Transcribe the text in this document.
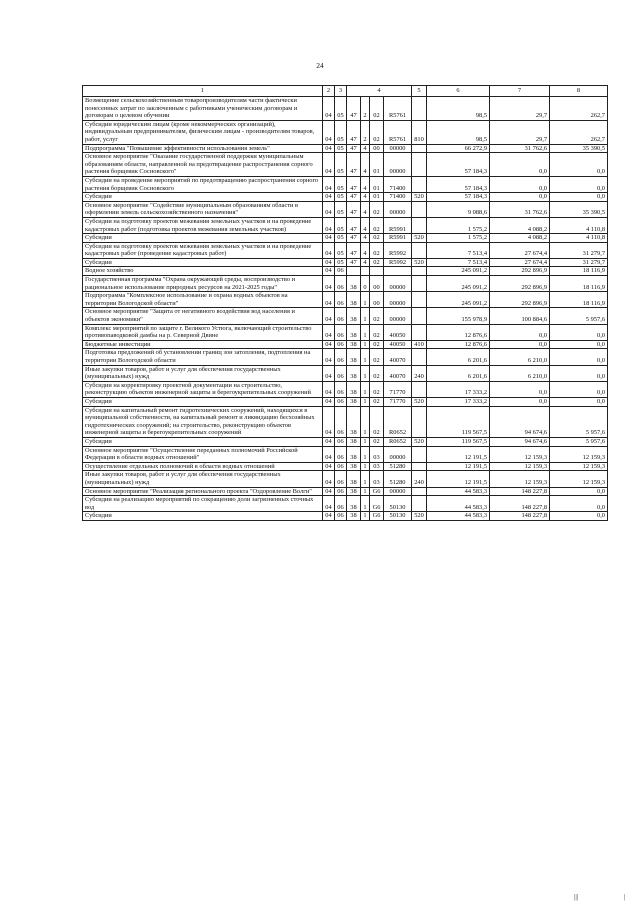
24
1	2	3	4				5	6	7	8
Возмещение сельскохозяйственным товаропроизводителям части фактически понесенных затрат по заключенным с работниками ученическим договорам и договорам о целевом обучении	04	05	47	2	02	R5761		98,5	29,7	262,7
Субсидии юридическим лицам (кроме некоммерческих организаций), индивидуальным предпринимателям, физическим лицам - производителям товаров, работ, услуг	04	05	47	2	02	R5761	810	98,5	29,7	262,7
Подпрограмма "Повышение эффективности использования земель"	04	05	47	4	00	00000		66 272,9	31 762,6	35 390,5
Основное мероприятие "Оказание государственной поддержки муниципальным образованиям области, направленной на предотвращение распространения сорного растения борщевик Сосновского"	04	05	47	4	01	00000		57 184,3	0,0	0,0
Субсидии на проведение мероприятий по предотвращению распространения сорного растения борщевик Сосновского	04	05	47	4	01	71400		57 184,3	0,0	0,0
Субсидии	04	05	47	4	01	71400	520	57 184,3	0,0	0,0
Основное мероприятие "Содействие муниципальным образованиям области в оформлении земель сельскохозяйственного назначения"	04	05	47	4	02	00000		9 088,6	31 762,6	35 390,5
Субсидии на подготовку проектов межевания земельных участков и на проведение кадастровых работ (подготовка проектов межевания земельных участков)	04	05	47	4	02	R5991		1 575,2	4 088,2	4 110,8
Субсидии	04	05	47	4	02	R5991	520	1 575,2	4 088,2	4 110,8
Субсидии на подготовку проектов межевания земельных участков и на проведение кадастровых работ (проведение кадастровых работ)	04	05	47	4	02	R5992		7 513,4	27 674,4	31 279,7
Субсидии	04	05	47	4	02	R5992	520	7 513,4	27 674,4	31 279,7
Водное хозяйство	04	06						245 091,2	292 896,9	18 116,9
Государственная программа "Охрана окружающей среды, воспроизводство и рациональное использование природных ресурсов на 2021-2025 годы"	04	06	38	0	00	00000		245 091,2	292 896,9	18 116,9
Подпрограмма "Комплексное использование и охрана водных объектов на территории Вологодской области"	04	06	38	1	00	00000		245 091,2	292 896,9	18 116,9
Основное мероприятие "Защита от негативного воздействия вод населения и объектов экономики"	04	06	38	1	02	00000		155 978,9	100 884,6	5 957,6
Комплекс мероприятий по защите г. Великого Устюга, включающий строительство противопаводковой дамбы на р. Северной Двине	04	06	38	1	02	40050		12 876,6	0,0	0,0
Бюджетные инвестиции	04	06	38	1	02	40050	410	12 876,6	0,0	0,0
Подготовка предложений об установлении границ зон затопления, подтопления на территории Вологодской области	04	06	38	1	02	40070		6 201,6	6 210,0	0,0
Иные закупки товаров, работ и услуг для обеспечения государственных (муниципальных) нужд	04	06	38	1	02	40070	240	6 201,6	6 210,0	0,0
Субсидии на корректировку проектной документации на строительство, реконструкцию объектов инженерной защиты и берегоукрепительных сооружений	04	06	38	1	02	71770		17 333,2	0,0	0,0
Субсидии	04	06	38	1	02	71770	520	17 333,2	0,0	0,0
Субсидии на капитальный ремонт гидротехнических сооружений, находящихся в муниципальной собственности, на капитальный ремонт и ликвидацию бесхозяйных гидротехнических сооружений; на строительство, реконструкцию объектов инженерной защиты и берегоукрепительных сооружений	04	06	38	1	02	R0652		119 567,5	94 674,6	5 957,6
Субсидии	04	06	38	1	02	R0652	520	119 567,5	94 674,6	5 957,6
Основное мероприятие "Осуществление переданных полномочий Российской Федерации в области водных отношений"	04	06	38	1	03	00000		12 191,5	12 159,3	12 159,3
Осуществление отдельных полномочий в области водных отношений	04	06	38	1	03	51280		12 191,5	12 159,3	12 159,3
Иные закупки товаров, работ и услуг для обеспечения государственных (муниципальных) нужд	04	06	38	1	03	51280	240	12 191,5	12 159,3	12 159,3
Основное мероприятие "Реализация регионального проекта "Оздоровление Волги"	04	06	38	1	G6	00000		44 583,3	148 227,8	0,0
Субсидии на реализацию мероприятий по сокращению доли загрязненных сточных вод	04	06	38	1	G6	50130		44 583,3	148 227,8	0,0
Субсидии	04	06	38	1	G6	50130	520	44 583,3	148 227,8	0,0
|||	|
